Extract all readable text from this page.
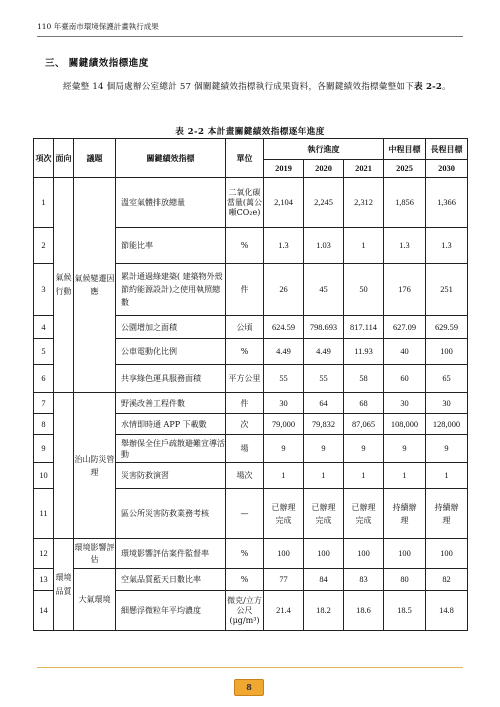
110 年臺南市環境保護計畫執行成果
三、 關鍵績效指標進度
經彙整 14 個局處辦公室總計 57 個關鍵績效指標執行成果資料，各關鍵績效指標彙整如下表 2-2。
表 2-2 本計畫關鍵績效指標逐年進度
項次	面向	議題	關鍵績效指標	單位	執行進度			中程目標	長程目標
					2019	2020	2021	2025	2030
1	氣候行動	氣候變遷因應	溫室氣體排放總量	二氧化碳當量(萬公噸CO₂e)	2,104	2,245	2,312	1,856	1,366
2			節能比率	%	1.3	1.03	1	1.3	1.3
3			累計通過綠建築( 建築物外殼節約能源設計)之使用執照總數	件	26	45	50	176	251
4			公園增加之面積	公頃	624.59	798.693	817.114	627.09	629.59
5			公車電動化比例	%	4.49	4.49	11.93	40	100
6			共享綠色運具服務面積	平方公里	55	55	58	60	65
7		治山防災管理	野溪改善工程件數	件	30	64	68	30	30
8			水情即時通 APP 下載數	次	79,000	79,832	87,065	108,000	128,000
9			舉辦保全住戶疏散避難宣導活動	場	9	9	9	9	9
10			災害防救演習	場次	1	1	1	1	1
11			區公所災害防救業務考核	—	已辦理完成	已辦理完成	已辦理完成	持續辦理	持續辦理
12	環境品質	環境影響評估	環境影響評估案件監督率	%	100	100	100	100	100
13		大氣環境	空氣品質藍天日數比率	%	77	84	83	80	82
14			細懸浮微粒年平均濃度	微克/立方公尺(μg/m³)	21.4	18.2	18.6	18.5	14.8
8
